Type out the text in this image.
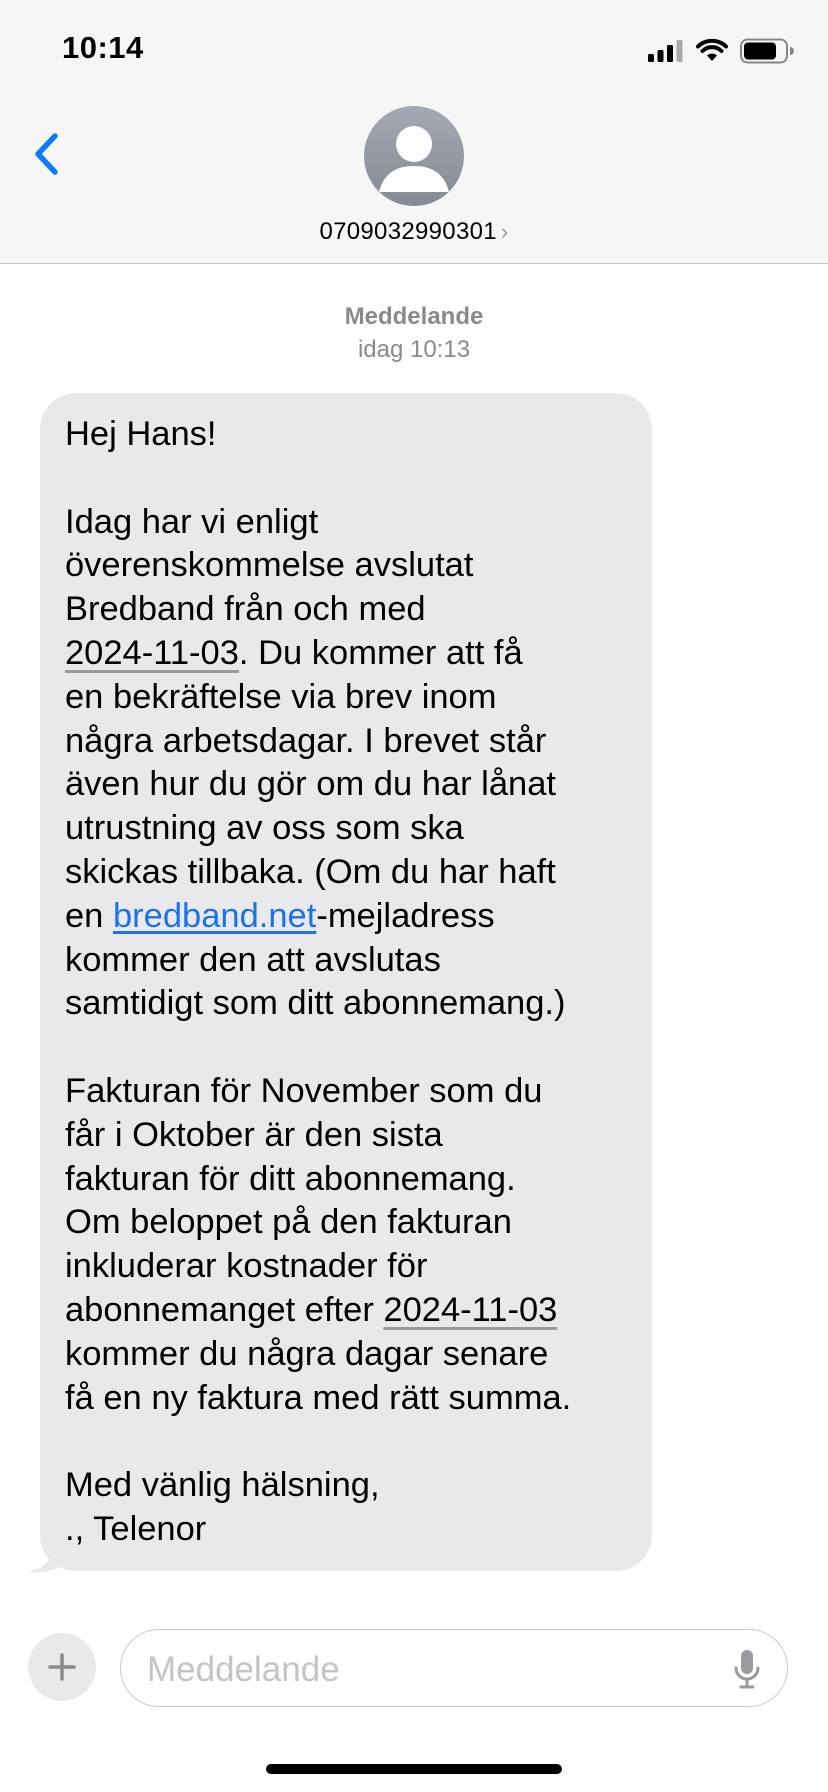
10:14
0709032990301 ›
Meddelande
idag 10:13
Hej Hans!
Idag har vi enligt
överenskommelse avslutat
Bredband från och med
2024-11-03. Du kommer att få
en bekräftelse via brev inom
några arbetsdagar. I brevet står
även hur du gör om du har lånat
utrustning av oss som ska
skickas tillbaka. (Om du har haft
en bredband.net-mejladress
kommer den att avslutas
samtidigt som ditt abonnemang.)
Fakturan för November som du
får i Oktober är den sista
fakturan för ditt abonnemang.
Om beloppet på den fakturan
inkluderar kostnader för
abonnemanget efter 2024-11-03
kommer du några dagar senare
få en ny faktura med rätt summa.
Med vänlig hälsning,
., Telenor
Meddelande
